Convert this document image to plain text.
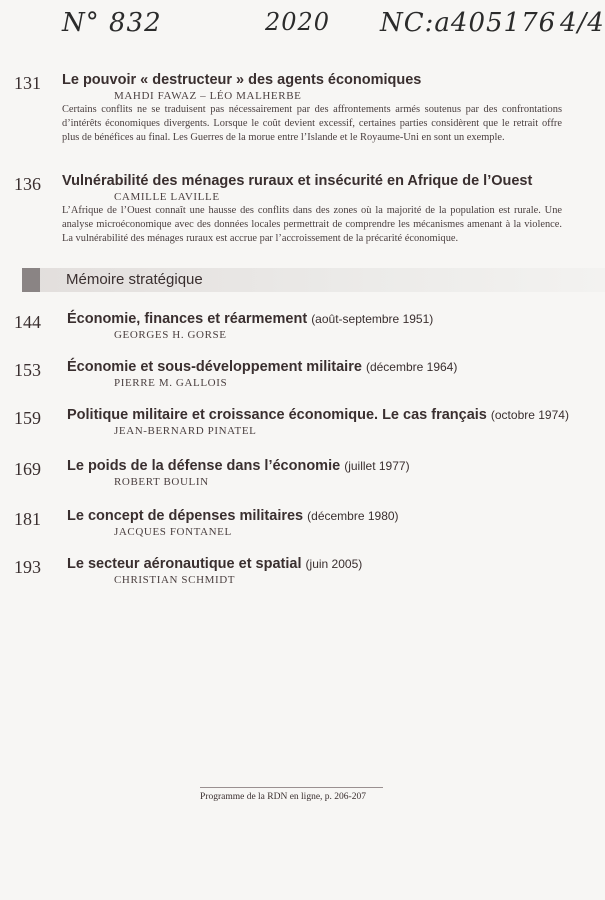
N° 832	2020 NC:a405176 4/4
131 Le pouvoir « destructeur » des agents économiques
MAHDI FAWAZ – LÉO MALHERBE
Certains conflits ne se traduisent pas nécessairement par des affrontements armés soutenus par des confrontations d’intérêts économiques divergents. Lorsque le coût devient excessif, certaines parties considèrent que le retrait offre plus de bénéfices au final. Les Guerres de la morue entre l’Islande et le Royaume-Uni en sont un exemple.
136 Vulnérabilité des ménages ruraux et insécurité en Afrique de l’Ouest
CAMILLE LAVILLE
L’Afrique de l’Ouest connaît une hausse des conflits dans des zones où la majorité de la population est rurale. Une analyse microéconomique avec des données locales permettrait de comprendre les mécanismes amenant à la violence. La vulnérabilité des ménages ruraux est accrue par l’accroissement de la précarité économique.
Mémoire stratégique
144 Économie, finances et réarmement (août-septembre 1951)
GEORGES H. GORSE
153 Économie et sous-développement militaire (décembre 1964)
PIERRE M. GALLOIS
159 Politique militaire et croissance économique. Le cas français (octobre 1974)
JEAN-BERNARD PINATEL
169 Le poids de la défense dans l’économie (juillet 1977)
ROBERT BOULIN
181 Le concept de dépenses militaires (décembre 1980)
JACQUES FONTANEL
193 Le secteur aéronautique et spatial (juin 2005)
CHRISTIAN SCHMIDT
Programme de la RDN en ligne, p. 206-207
